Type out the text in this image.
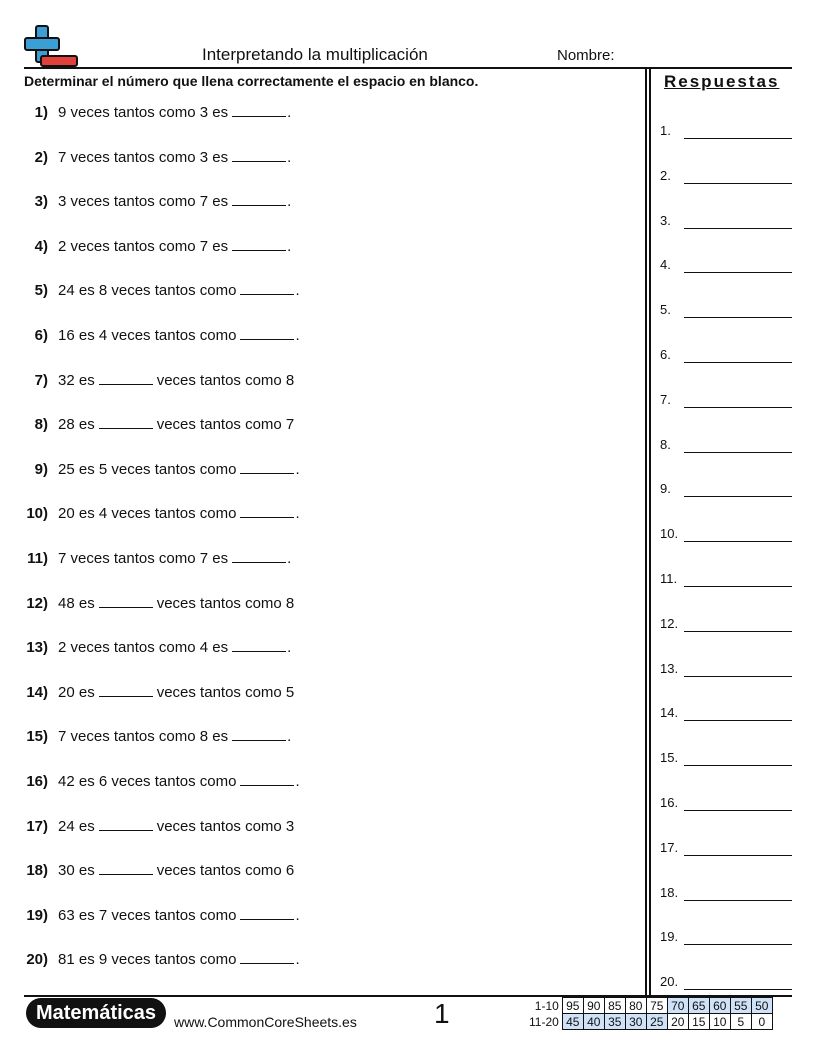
Interpretando la multiplicación	Nombre:
Determinar el número que llena correctamente el espacio en blanco.
1) 9 veces tantos como 3 es	.
2) 7 veces tantos como 3 es	.
3) 3 veces tantos como 7 es	.
4) 2 veces tantos como 7 es	.
5) 24 es 8 veces tantos como	.
6) 16 es 4 veces tantos como	.
7) 32 es	veces tantos como 8
8) 28 es	veces tantos como 7
9) 25 es 5 veces tantos como	.
10) 20 es 4 veces tantos como	.
11) 7 veces tantos como 7 es	.
12) 48 es	veces tantos como 8
13) 2 veces tantos como 4 es	.
14) 20 es	veces tantos como 5
15) 7 veces tantos como 8 es	.
16) 42 es 6 veces tantos como	.
17) 24 es	veces tantos como 3
18) 30 es	veces tantos como 6
19) 63 es 7 veces tantos como	.
20) 81 es 9 veces tantos como	.
Respuestas
1.
2.
3.
4.
5.
6.
7.
8.
9.
10.
11.
12.
13.
14.
15.
16.
17.
18.
19.
20.
Matemáticas	www.CommonCoreSheets.es	1	1-10	95	90	85	80	75	70	65	60	55	50
11-20	45	40	35	30	25	20	15	10	5	0
